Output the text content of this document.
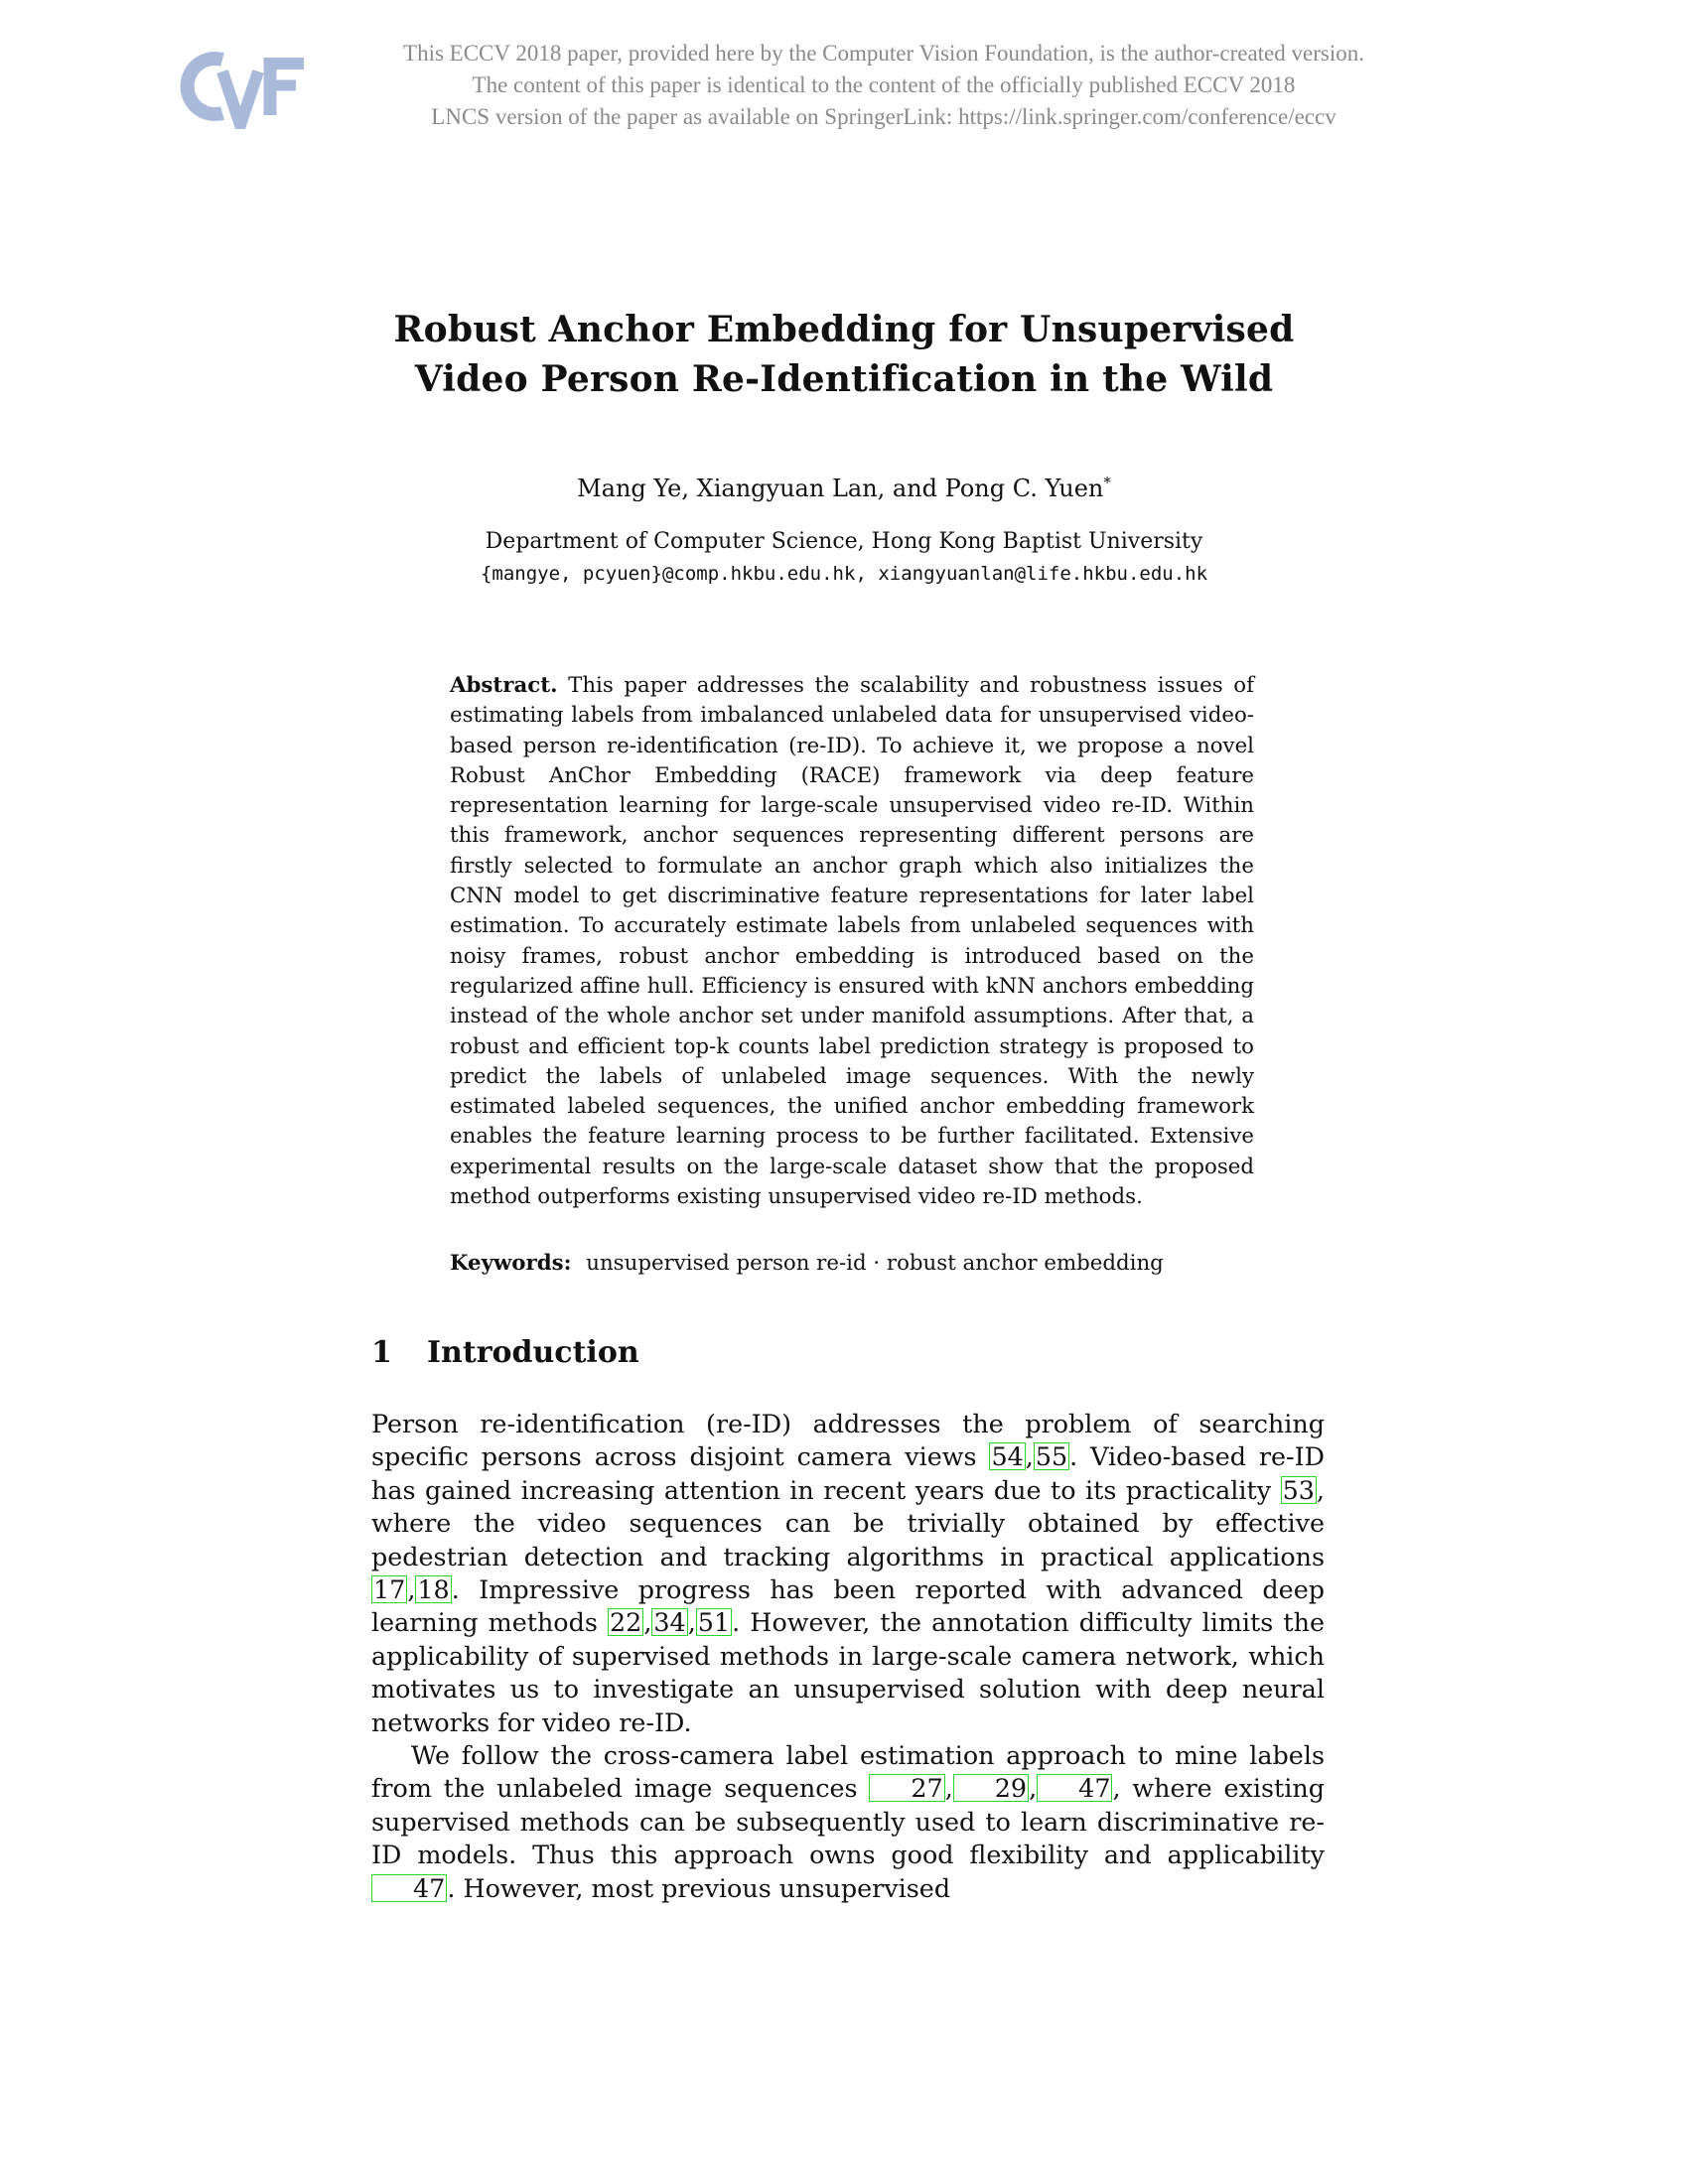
This ECCV 2018 paper, provided here by the Computer Vision Foundation, is the author-created version.
The content of this paper is identical to the content of the officially published ECCV 2018
LNCS version of the paper as available on SpringerLink: https://link.springer.com/conference/eccv
Robust Anchor Embedding for Unsupervised
Video Person Re-Identification in the Wild
Mang Ye, Xiangyuan Lan, and Pong C. Yuen*
Department of Computer Science, Hong Kong Baptist University
{mangye, pcyuen}@comp.hkbu.edu.hk, xiangyuanlan@life.hkbu.edu.hk
Abstract. This paper addresses the scalability and robustness issues of estimating labels from imbalanced unlabeled data for unsupervised video-based person re-identification (re-ID). To achieve it, we propose a novel Robust AnChor Embedding (RACE) framework via deep feature representation learning for large-scale unsupervised video re-ID. Within this framework, anchor sequences representing different persons are firstly selected to formulate an anchor graph which also initializes the CNN model to get discriminative feature representations for later label estimation. To accurately estimate labels from unlabeled sequences with noisy frames, robust anchor embedding is introduced based on the regularized affine hull. Efficiency is ensured with kNN anchors embedding instead of the whole anchor set under manifold assumptions. After that, a robust and efficient top-k counts label prediction strategy is proposed to predict the labels of unlabeled image sequences. With the newly estimated labeled sequences, the unified anchor embedding framework enables the feature learning process to be further facilitated. Extensive experimental results on the large-scale dataset show that the proposed method outperforms existing unsupervised video re-ID methods.
Keywords: unsupervised person re-id · robust anchor embedding
1 Introduction

Person re-identification (re-ID) addresses the problem of searching specific persons across disjoint camera views 54,55. Video-based re-ID has gained increasing attention in recent years due to its practicality 53, where the video sequences can be trivially obtained by effective pedestrian detection and tracking algorithms in practical applications 17,18. Impressive progress has been reported with advanced deep learning methods 22,34,51. However, the annotation difficulty limits the applicability of supervised methods in large-scale camera network, which motivates us to investigate an unsupervised solution with deep neural networks for video re-ID.

We follow the cross-camera label estimation approach to mine labels from the unlabeled image sequences 27, 29, 47, where existing supervised methods can be subsequently used to learn discriminative re-ID models. Thus this approach owns good flexibility and applicability 47. However, most previous unsupervised
